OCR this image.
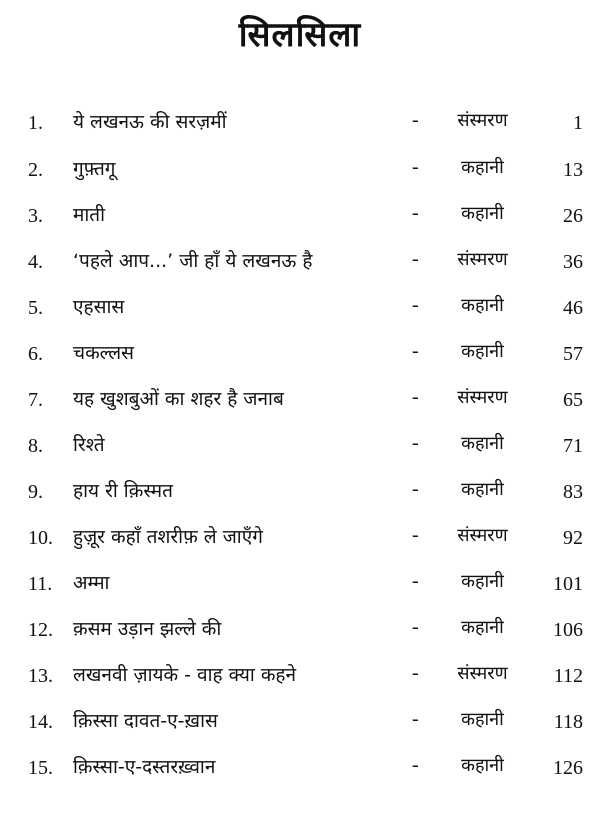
सिलसिला
1. ये लखनऊ की सरज़मीं	-	संस्मरण	1
2. गुफ़्तगू	-	कहानी	13
3. माती	-	कहानी	26
4. ‘पहले आप...’ जी हाँ ये लखनऊ है	-	संस्मरण	36
5. एहसास	-	कहानी	46
6. चकल्लस	-	कहानी	57
7. यह खुशबुओं का शहर है जनाब	-	संस्मरण	65
8. रिश्ते	-	कहानी	71
9. हाय री क़िस्मत	-	कहानी	83
10. हुज़ूर कहाँ तशरीफ़ ले जाएँगे	-	संस्मरण	92
11. अम्मा	-	कहानी	101
12. क़सम उड़ान झल्ले की	-	कहानी	106
13. लखनवी ज़ायके - वाह क्या कहने	-	संस्मरण	112
14. क़िस्सा दावत-ए-ख़ास	-	कहानी	118
15. क़िस्सा-ए-दस्तरख़्वान	-	कहानी	126
